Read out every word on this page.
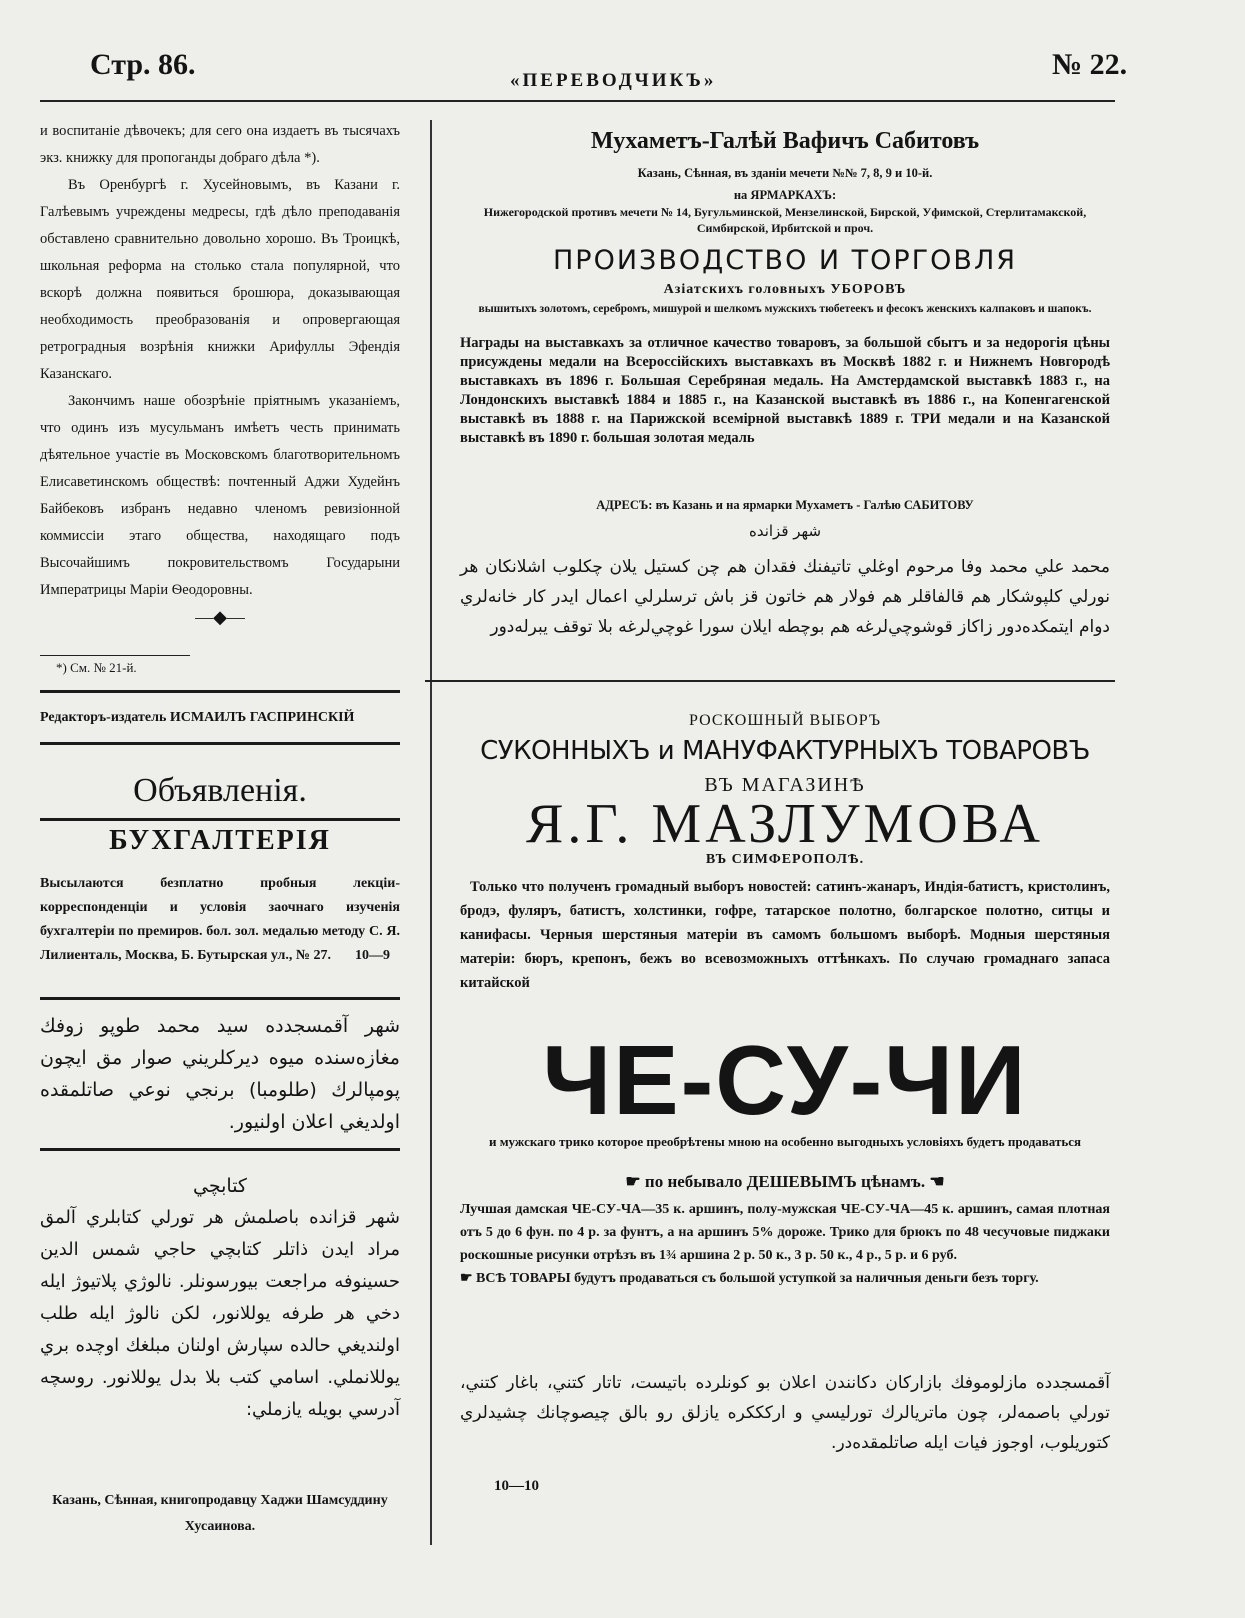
Стр. 86.	«ПЕРЕВОДЧИКЪ»	№ 22.

и воспитаніе дѣвочекъ; для сего она издаетъ въ тысячахъ экз. книжку для пропоганды добраго дѣла *).

Въ Оренбургѣ г. Хусейновымъ, въ Казани г. Галѣевымъ учреждены медресы, гдѣ дѣло преподаванія обставлено сравнительно довольно хорошо. Въ Троицкѣ, школьная реформа на столько стала популярной, что вскорѣ должна появиться брошюра, доказывающая необходимость преобразованія и опровергающая ретроградныя возрѣнія книжки Арифуллы Эфендія Казанскаго.

Закончимъ наше обозрѣніе пріятнымъ указаніемъ, что одинъ изъ мусульманъ имѣетъ честь принимать дѣятельное участіе въ Московскомъ благотворительномъ Елисаветинскомъ обществѣ: почтенный Аджи Худейнъ Байбековъ избранъ недавно членомъ ревизіонной коммиссіи этаго общества, находящаго подъ Высочайшимъ покровительствомъ Государыни Императрицы Маріи Ѳеодоровны.

—◆—
*) См. № 21-й.
Редакторъ-издатель ИСМАИЛЪ ГАСПРИНСКІЙ
Объявленія.
БУХГАЛТЕРІЯ
Высылаются безплатно пробныя лекціи-корреспонденціи и условія заочнаго изученія бухгалтеріи по премиров. бол. зол. медалью методу С. Я. Лилиенталь, Москва, Б. Бутырская ул., № 27. 10—9
شهر آقمسجدده سيد محمد طوپو زوفك مغازه‌سنده ميوه ديركلريني صوار مق ايچون پومپالرك (طلومبا) برنجي نوعي صاتلمقده اولديغي اعلان اولنيور.
كتابچي
شهر قزانده باصلمش هر تورلي كتابلري آلمق مراد ايدن ذاتلر كتابچي حاجي شمس الدين حسينوفه مراجعت بيورسونلر. نالوژي پلاتيوژ ايله دخي هر طرفه يوللانور، لكن نالوژ ايله طلب اولنديغي حالده سپارش اولنان مبلغك اوچده بري يوللانملي. اسامي كتب بلا بدل يوللانور. روسچه آدرسي بويله يازملي:
Казань, Сѣнная, книгопродавцу Хаджи Шамсуддину Хусаинова.
Мухаметъ-Галѣй Вафичъ Сабитовъ
Казань, Сѣнная, въ зданіи мечети №№ 7, 8, 9 и 10-й.
на ЯРМАРКАХЪ:
Нижегородской противъ мечети № 14, Бугульминской, Мензелинской, Бирской, Уфимской, Стерлитамакской, Симбирской, Ирбитской и проч.
ПРОИЗВОДСТВО И ТОРГОВЛЯ
Азіатскихъ головныхъ УБОРОВЪ
вышитыхъ золотомъ, серебромъ, мишурой и шелкомъ мужскихъ тюбетеекъ и фесокъ женскихъ калпаковъ и шапокъ.

Награды на выставкахъ за отличное качество товаровъ, за большой сбытъ и за недорогія цѣны присуждены медали на Всероссійскихъ выставкахъ въ Москвѣ 1882 г. и Нижнемъ Новгородѣ выставкахъ въ 1896 г. Большая Серебряная медаль. На Амстердамской выставкѣ 1883 г., на Лондонскихъ выставкѣ 1884 и 1885 г., на Казанской выставкѣ въ 1886 г., на Копенгагенской выставкѣ въ 1888 г. на Парижской всемірной выставкѣ 1889 г. ТРИ медали и на Казанской выставкѣ въ 1890 г. большая золотая медаль

АДРЕСЪ: въ Казань и на ярмарки Мухаметъ - Галѣю САБИТОВУ
شهر قزانده
محمد علي محمد وفا مرحوم اوغلي تاتيفنك فقدان هم چن كستيل يلان چكلوب اشلانكان هر نورلي كلپوشكار هم قالفاقلر هم فولار هم خاتون قز باش ترسلرلي اعمال ايدر كار خانه‌لري دوام ايتمكده‌دور زاكاز قوشوچي‌لرغه هم بوچطه ايلان سورا غوچي‌لرغه بلا توقف يبرله‌دور
РОСКОШНЫЙ ВЫБОРЪ
СУКОННЫХЪ и МАНУФАКТУРНЫХЪ ТОВАРОВЪ
ВЪ МАГАЗИНѢ
Я.Г. МАЗЛУМОВА
ВЪ СИМФЕРОПОЛѢ.

Только что полученъ громадный выборъ новостей: сатинъ-жанаръ, Индія-батистъ, кристолинъ, бродэ, фуляръ, батистъ, холстинки, гофре, татарское полотно, болгарское полотно, ситцы и канифасы. Черныя шерстяныя матеріи въ самомъ большомъ выборѣ. Модныя шерстяныя матеріи: бюръ, крепонъ, бежъ во всевозможныхъ оттѣнкахъ. По случаю громаднаго запаса китайской

ЧЕ-СУ-ЧИ
и мужскаго трико которое преобрѣтены мною на особенно выгодныхъ условіяхъ будетъ продаваться
☛ по небывало ДЕШЕВЫМЪ цѣнамъ. ☚

Лучшая дамская ЧЕ-СУ-ЧА—35 к. аршинъ, полу-мужская ЧЕ-СУ-ЧА—45 к. аршинъ, самая плотная отъ 5 до 6 фун. по 4 р. за фунтъ, а на аршинъ 5% дороже. Трико для брюкъ по 48 чесучовые пиджаки роскошные рисунки отрѣзъ въ 1¾ аршина 2 р. 50 к., 3 р. 50 к., 4 р., 5 р. и 6 руб.

☛ ВСѢ ТОВАРЫ будутъ продаваться съ большой уступкой за наличныя деньги безъ торгу.

آقمسجدده مازلوموفك بازاركان دكانندن اعلان بو كونلرده باتيست، تاتار كتني، باغار كتني، تورلي باصمه‌لر، چون ماتريالرك تورليسي و اركككره يازلق رو بالق چيصوچانك چشيدلري كتوريلوب، اوجوز فيات ايله صاتلمقده‌در.
10—10
